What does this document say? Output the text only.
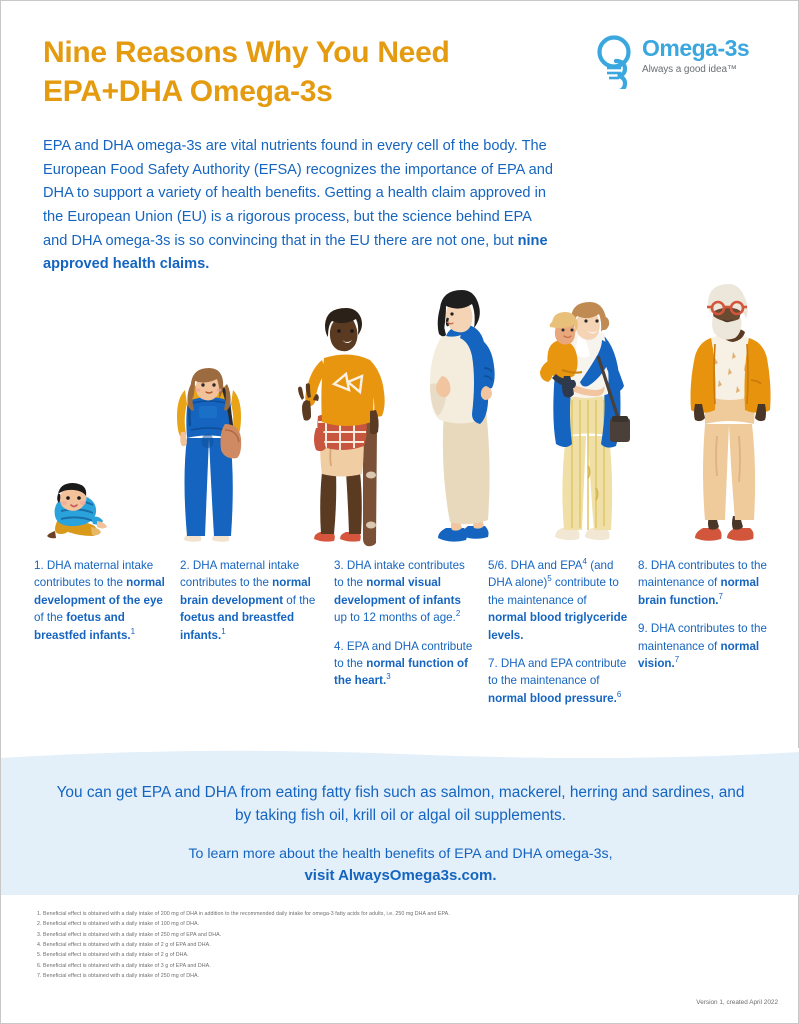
Nine Reasons Why You Need
EPA+DHA Omega-3s
Omega-3s
Always a good idea™
EPA and DHA omega-3s are vital nutrients found in every cell of the body. The European Food Safety Authority (EFSA) recognizes the importance of EPA and DHA to support a variety of health benefits. Getting a health claim approved in the European Union (EU) is a rigorous process, but the science behind EPA and DHA omega-3s is so convincing that in the EU there are not one, but nine approved health claims.
1. DHA maternal intake contributes to the normal development of the eye of the foetus and breastfed infants.$^1$
2. DHA maternal intake contributes to the normal brain development of the foetus and breastfed infants.$^1$
3. DHA intake contributes to the normal visual development of infants up to 12 months of age.$^2$
4. EPA and DHA contribute to the normal function of the heart.$^3$
5/6. DHA and EPA$^4$ (and DHA alone)$^5$ contribute to the maintenance of normal blood triglyceride levels.
7. DHA and EPA contribute to the maintenance of normal blood pressure.$^6$
8. DHA contributes to the maintenance of normal brain function.$^7$
9. DHA contributes to the maintenance of normal vision.$^7$
You can get EPA and DHA from eating fatty fish such as salmon, mackerel, herring and sardines, and by taking fish oil, krill oil or algal oil supplements.
To learn more about the health benefits of EPA and DHA omega-3s,
visit AlwaysOmega3s.com.
1. Beneficial effect is obtained with a daily intake of 200 mg of DHA in addition to the recommended daily intake for omega-3 fatty acids for adults, i.e. 250 mg DHA and EPA.
2. Beneficial effect is obtained with a daily intake of 100 mg of DHA.
3. Beneficial effect is obtained with a daily intake of 250 mg of EPA and DHA.
4. Beneficial effect is obtained with a daily intake of 2 g of EPA and DHA.
5. Beneficial effect is obtained with a daily intake of 2 g of DHA.
6. Beneficial effect is obtained with a daily intake of 3 g of EPA and DHA.
7. Beneficial effect is obtained with a daily intake of 250 mg of DHA.
Version 1, created April 2022
